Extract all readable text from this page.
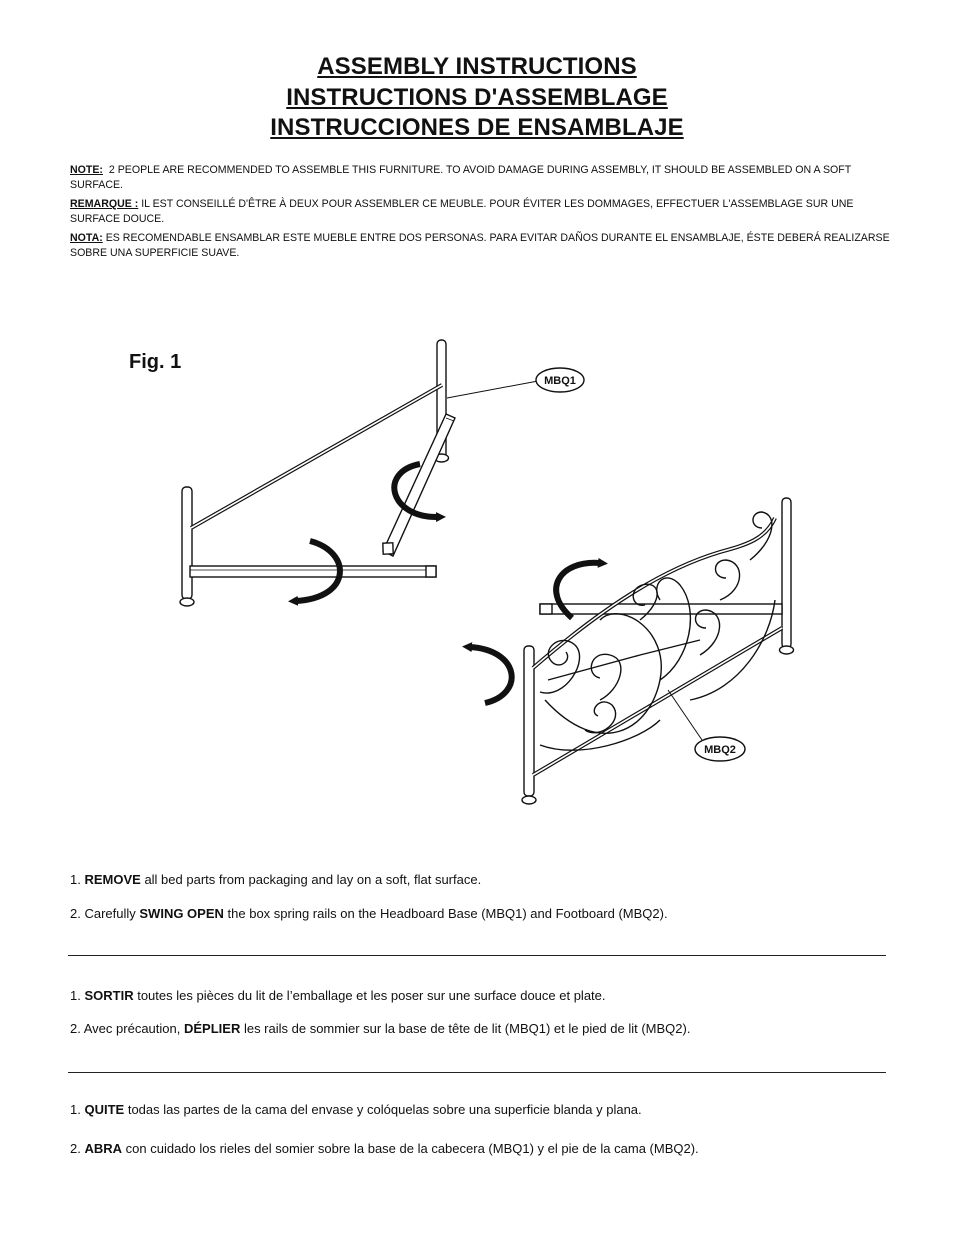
ASSEMBLY INSTRUCTIONS
INSTRUCTIONS D'ASSEMBLAGE
INSTRUCCIONES DE ENSAMBLAJE

NOTE: 2 PEOPLE ARE RECOMMENDED TO ASSEMBLE THIS FURNITURE. TO AVOID DAMAGE DURING ASSEMBLY, IT SHOULD BE ASSEMBLED ON A SOFT SURFACE.

REMARQUE : IL EST CONSEILLÉ D'ÊTRE À DEUX POUR ASSEMBLER CE MEUBLE. POUR ÉVITER LES DOMMAGES, EFFECTUER L'ASSEMBLAGE SUR UNE SURFACE DOUCE.

NOTA: ES RECOMENDABLE ENSAMBLAR ESTE MUEBLE ENTRE DOS PERSONAS. PARA EVITAR DAÑOS DURANTE EL ENSAMBLAJE, ÉSTE DEBERÁ REALIZARSE SOBRE UNA SUPERFICIE SUAVE.

Fig. 1
MBQ1
MBQ2
1. REMOVE all bed parts from packaging and lay on a soft, flat surface.
2. Carefully SWING OPEN the box spring rails on the Headboard Base (MBQ1) and Footboard (MBQ2).
1. SORTIR toutes les pièces du lit de l’emballage et les poser sur une surface douce et plate.
2. Avec précaution, DÉPLIER les rails de sommier sur la base de tête de lit (MBQ1) et le pied de lit (MBQ2).
1. QUITE todas las partes de la cama del envase y colóquelas sobre una superficie blanda y plana.
2. ABRA con cuidado los rieles del somier sobre la base de la cabecera (MBQ1) y el pie de la cama (MBQ2).
